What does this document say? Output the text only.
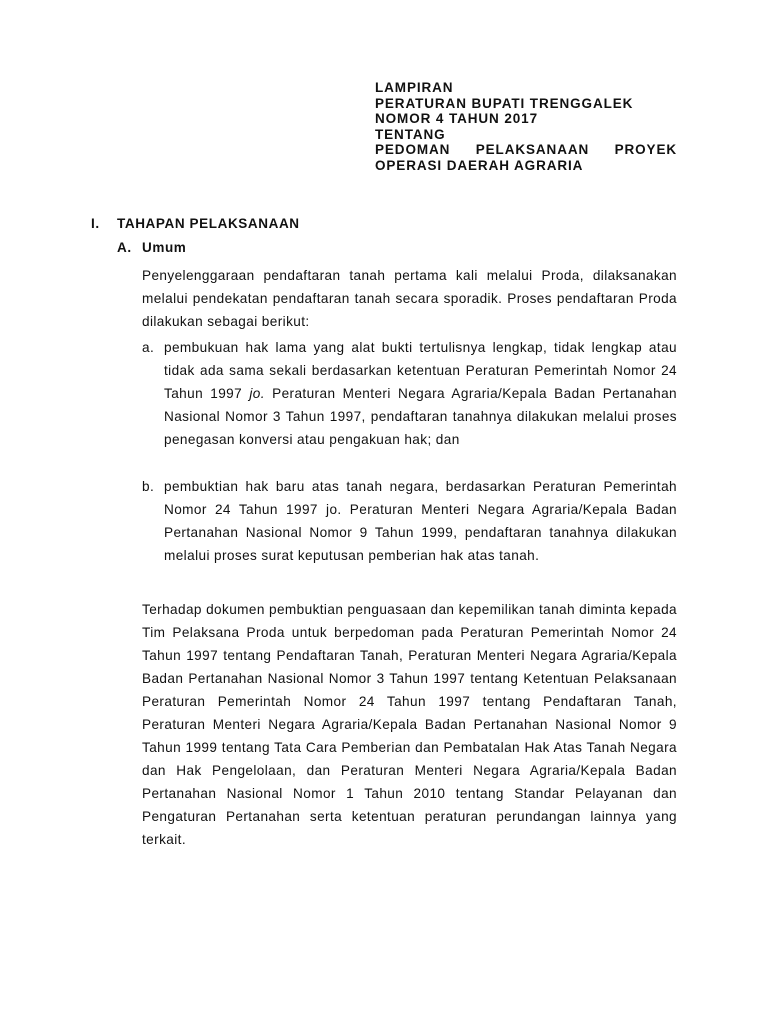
LAMPIRAN
PERATURAN BUPATI TRENGGALEK
NOMOR 4 TAHUN 2017
TENTANG
PEDOMAN PELAKSANAAN PROYEK
OPERASI DAERAH AGRARIA
I. TAHAPAN PELAKSANAAN
A. Umum

Penyelenggaraan pendaftaran tanah pertama kali melalui Proda, dilaksanakan melalui pendekatan pendaftaran tanah secara sporadik. Proses pendaftaran Proda dilakukan sebagai berikut:

a. pembukuan hak lama yang alat bukti tertulisnya lengkap, tidak lengkap atau tidak ada sama sekali berdasarkan ketentuan Peraturan Pemerintah Nomor 24 Tahun 1997 jo. Peraturan Menteri Negara Agraria/Kepala Badan Pertanahan Nasional Nomor 3 Tahun 1997, pendaftaran tanahnya dilakukan melalui proses penegasan konversi atau pengakuan hak; dan
b. pembuktian hak baru atas tanah negara, berdasarkan Peraturan Pemerintah Nomor 24 Tahun 1997 jo. Peraturan Menteri Negara Agraria/Kepala Badan Pertanahan Nasional Nomor 9 Tahun 1999, pendaftaran tanahnya dilakukan melalui proses surat keputusan pemberian hak atas tanah.

Terhadap dokumen pembuktian penguasaan dan kepemilikan tanah diminta kepada Tim Pelaksana Proda untuk berpedoman pada Peraturan Pemerintah Nomor 24 Tahun 1997 tentang Pendaftaran Tanah, Peraturan Menteri Negara Agraria/Kepala Badan Pertanahan Nasional Nomor 3 Tahun 1997 tentang Ketentuan Pelaksanaan Peraturan Pemerintah Nomor 24 Tahun 1997 tentang Pendaftaran Tanah, Peraturan Menteri Negara Agraria/Kepala Badan Pertanahan Nasional Nomor 9 Tahun 1999 tentang Tata Cara Pemberian dan Pembatalan Hak Atas Tanah Negara dan Hak Pengelolaan, dan Peraturan Menteri Negara Agraria/Kepala Badan Pertanahan Nasional Nomor 1 Tahun 2010 tentang Standar Pelayanan dan Pengaturan Pertanahan serta ketentuan peraturan perundangan lainnya yang terkait.
